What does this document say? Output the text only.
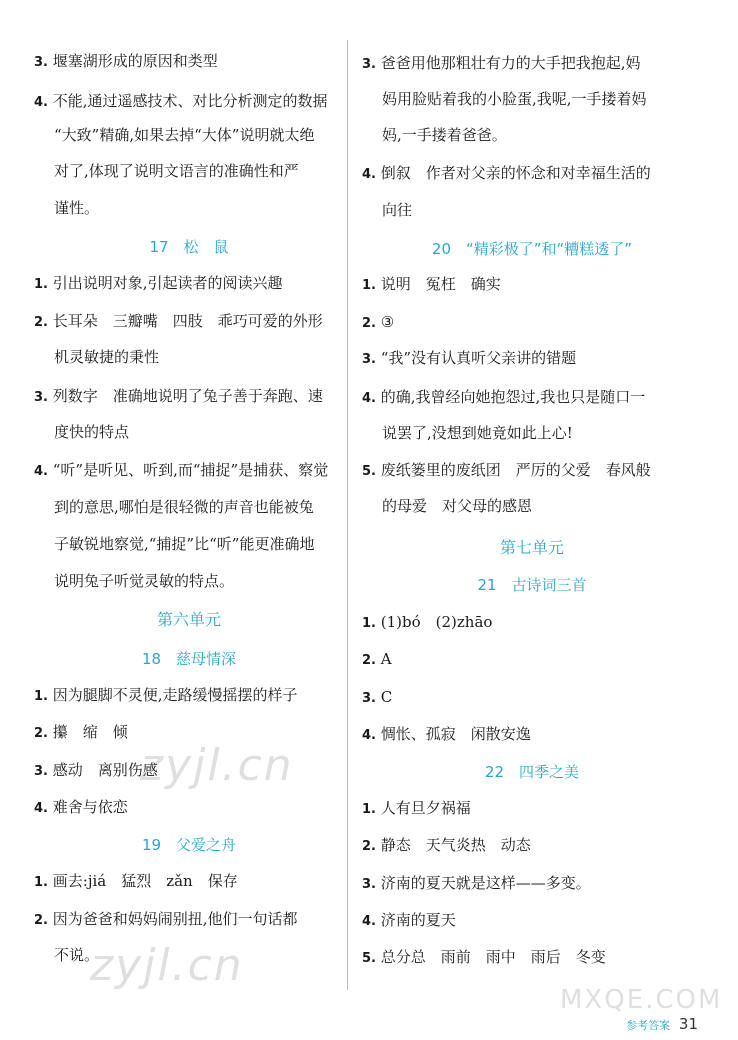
3. 堰塞湖形成的原因和类型
4. 不能,通过遥感技术、对比分析测定的数据
“大致”精确,如果去掉“大体”说明就太绝
对了,体现了说明文语言的准确性和严
谨性。
17　松　鼠
1. 引出说明对象,引起读者的阅读兴趣
2. 长耳朵　三瓣嘴　四肢　乖巧可爱的外形
机灵敏捷的秉性
3. 列数字　准确地说明了兔子善于奔跑、速
度快的特点
4. “听”是听见、听到,而“捕捉”是捕获、察觉
到的意思,哪怕是很轻微的声音也能被兔
子敏锐地察觉,“捕捉”比“听”能更准确地
说明兔子听觉灵敏的特点。
第六单元
18　慈母情深
1. 因为腿脚不灵便,走路缓慢摇摆的样子
2. 攥　缩　倾
3. 感动　离别伤感
4. 难舍与依恋
19　父爱之舟
1. 画去:jiá　猛烈　zǎn　保存
2. 因为爸爸和妈妈闹别扭,他们一句话都
不说。
3. 爸爸用他那粗壮有力的大手把我抱起,妈
妈用脸贴着我的小脸蛋,我呢,一手搂着妈
妈,一手搂着爸爸。
4. 倒叙　作者对父亲的怀念和对幸福生活的
向往
20　“精彩极了”和“糟糕透了”
1. 说明　冤枉　确实
2. ③
3. “我”没有认真听父亲讲的错题
4. 的确,我曾经向她抱怨过,我也只是随口一
说罢了,没想到她竟如此上心!
5. 废纸篓里的废纸团　严厉的父爱　春风般
的母爱　对父母的感恩
第七单元
21　古诗词三首
1. (1)bó　(2)zhāo
2. A
3. C
4. 惆怅、孤寂　闲散安逸
22　四季之美
1. 人有旦夕祸福
2. 静态　天气炎热　动态
3. 济南的夏天就是这样——多变。
4. 济南的夏天
5. 总分总　雨前　雨中　雨后　冬变
参考答案 31
zyjl.cn
zyjl.cn
MXQE.COM
